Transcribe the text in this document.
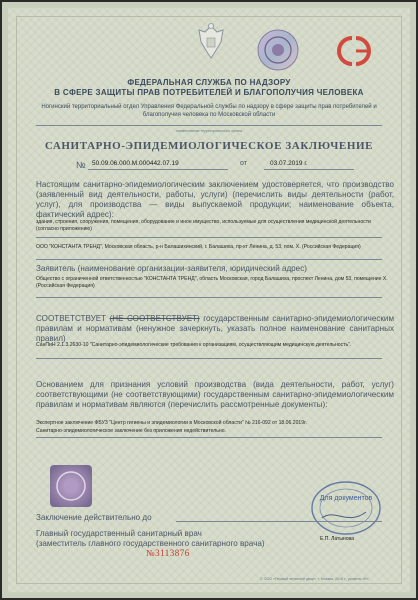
ФЕДЕРАЛЬНАЯ СЛУЖБА ПО НАДЗОРУ
В СФЕРЕ ЗАЩИТЫ ПРАВ ПОТРЕБИТЕЛЕЙ И БЛАГОПОЛУЧИЯ ЧЕЛОВЕКА
Ногинский территориальный отдел Управления Федеральной службы по надзору в сфере защиты прав потребителей и благополучия человека по Московской области
наименование территориального органа
САНИТАРНО-ЭПИДЕМИОЛОГИЧЕСКОЕ ЗАКЛЮЧЕНИЕ
№ 50.09.06.000.М.000442.07.19	от	03.07.2019 г.
Настоящим санитарно-эпидемиологическим заключением удостоверяется, что производство (заявленный вид деятельности, работы, услуги) (перечислить виды деятельности (работ, услуг), для производства — виды выпускаемой продукции; наименование объекта, фактический адрес):
здания, строения, сооружения, помещения, оборудование и иное имущество, используемые для осуществления медицинской деятельности (согласно приложению)
ООО "КОНСТАНТА ТРЕНД", Московская область, р-н Балашихинский, г. Балашиха, пр-кт Ленина, д. 53, пом. Х. (Российская Федерация)
Заявитель (наименование организации-заявителя, юридический адрес)
Общество с ограниченной ответственностью "КОНСТАНТА ТРЕНД", область Московская, город Балашиха, проспект Ленина, дом 53, помещение Х. (Российская Федерация)
СООТВЕТСТВУЕТ (НЕ СООТВЕТСТВУЕТ) государственным санитарно-эпидемиологическим правилам и нормативам (ненужное зачеркнуть, указать полное наименование санитарных правил)
СанПиН 2.1.3.2630-10 "Санитарно-эпидемиологические требования к организациям, осуществляющим медицинскую деятельность".
Основанием для признания условий производства (вида деятельности, работ, услуг) соответствующими (не соответствующими) государственным санитарно-эпидемиологическим правилам и нормативам являются (перечислить рассмотренные документы):
Экспертное заключение ФБУЗ "Центр гигиены и эпидемиологии в Московской области" № 216-092 от 18.06.2019г.
Санитарно-эпидемиологическое заключение без приложения недействительно.
Для документов
Заключение действительно до
Главный государственный санитарный врач
(заместитель главного государственного санитарного врача)	Е.П. Латынова
№3113876
© ООО «Первый печатный двор», г. Москва, 2018 г., уровень «В»
